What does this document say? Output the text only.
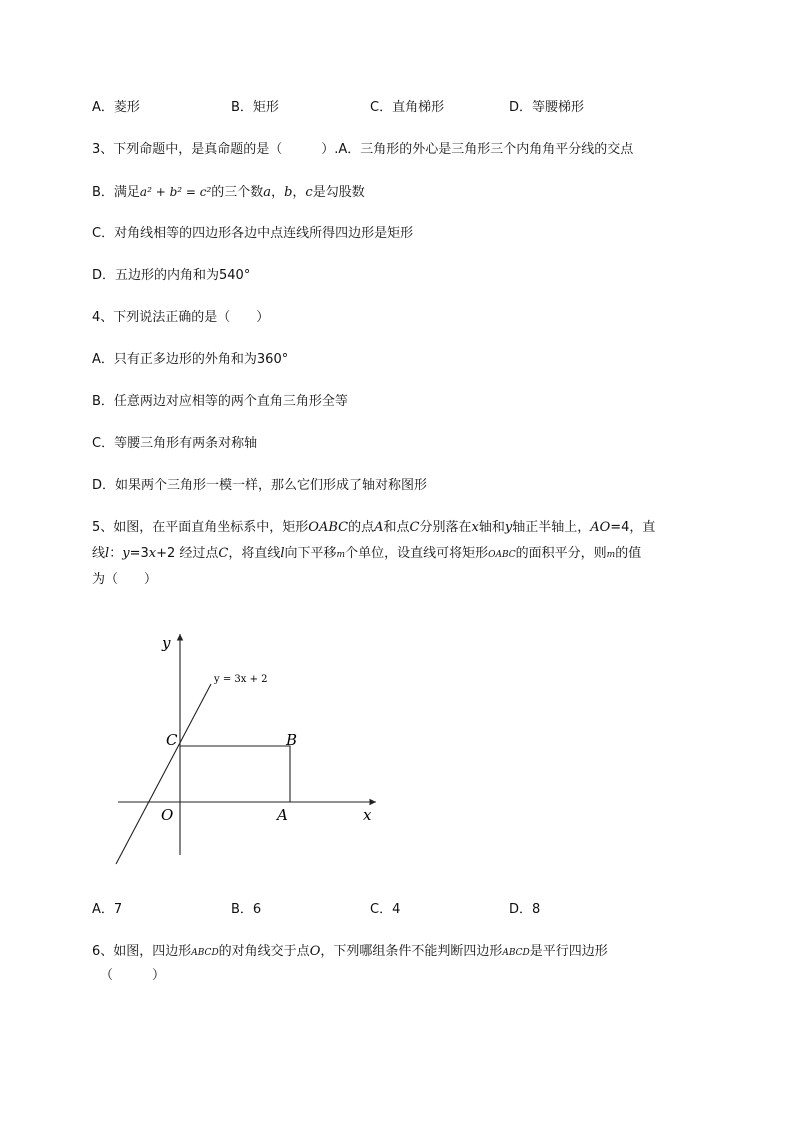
A．菱形	B．矩形	C．直角梯形	D．等腰梯形
3、下列命题中，是真命题的是（　　　）.A．三角形的外心是三角形三个内角角平分线的交点
B．满足a² + b² = c²的三个数a，b，c是勾股数
C．对角线相等的四边形各边中点连线所得四边形是矩形
D．五边形的内角和为540°
4、下列说法正确的是（　　）
A．只有正多边形的外角和为360°
B．任意两边对应相等的两个直角三角形全等
C．等腰三角形有两条对称轴
D．如果两个三角形一模一样，那么它们形成了轴对称图形
5、如图，在平面直角坐标系中，矩形OABC的点A和点C分别落在x轴和y轴正半轴上，AO=4，直
线l：y=3x+2 经过点C，将直线l向下平移m个单位，设直线可将矩形OABC的面积平分，则m的值
为（　　）
y
x
O	A
B
C
y = 3x + 2
A．7	B．6	C．4	D．8
6、如图，四边形ABCD的对角线交于点O，下列哪组条件不能判断四边形ABCD是平行四边形
（　　　）
